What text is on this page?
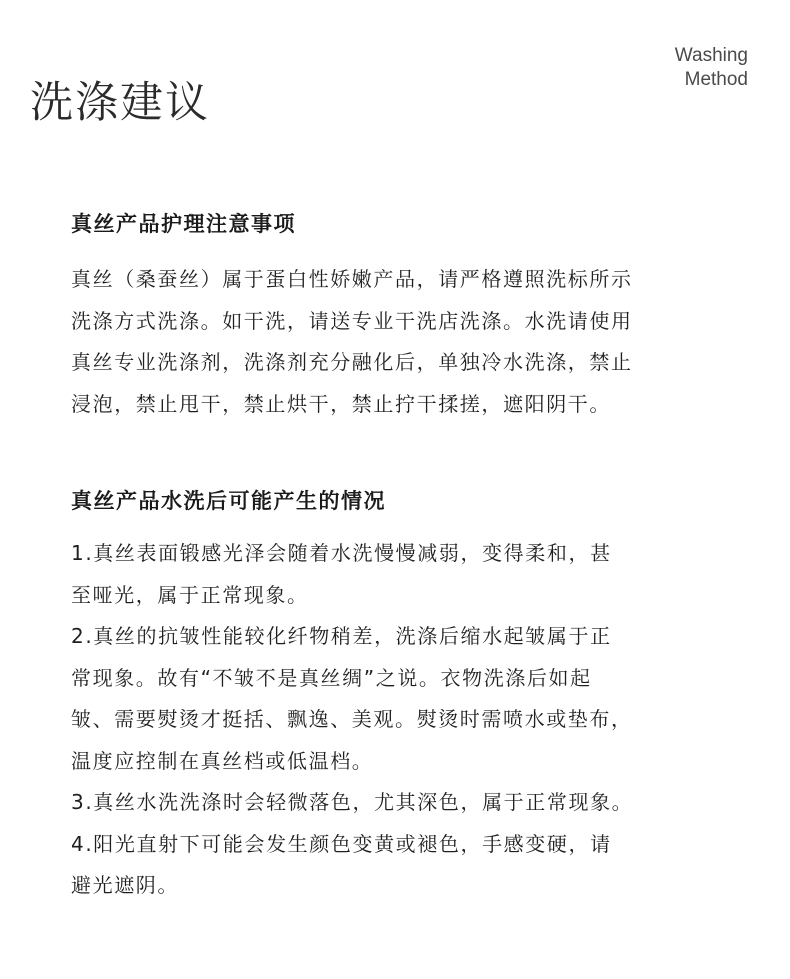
洗涤建议
Washing
Method
真丝产品护理注意事项

真丝（桑蚕丝）属于蛋白性娇嫩产品，请严格遵照洗标所示
洗涤方式洗涤。如干洗，请送专业干洗店洗涤。水洗请使用
真丝专业洗涤剂，洗涤剂充分融化后，单独冷水洗涤，禁止
浸泡，禁止甩干，禁止烘干，禁止拧干揉搓，遮阳阴干。

真丝产品水洗后可能产生的情况

1.真丝表面锻感光泽会随着水洗慢慢减弱，变得柔和，甚
至哑光，属于正常现象。
2.真丝的抗皱性能较化纤物稍差，洗涤后缩水起皱属于正
常现象。故有“不皱不是真丝绸”之说。衣物洗涤后如起
皱、需要熨烫才挺括、飘逸、美观。熨烫时需喷水或垫布，
温度应控制在真丝档或低温档。
3.真丝水洗洗涤时会轻微落色，尤其深色，属于正常现象。
4.阳光直射下可能会发生颜色变黄或褪色，手感变硬，请
避光遮阴。
